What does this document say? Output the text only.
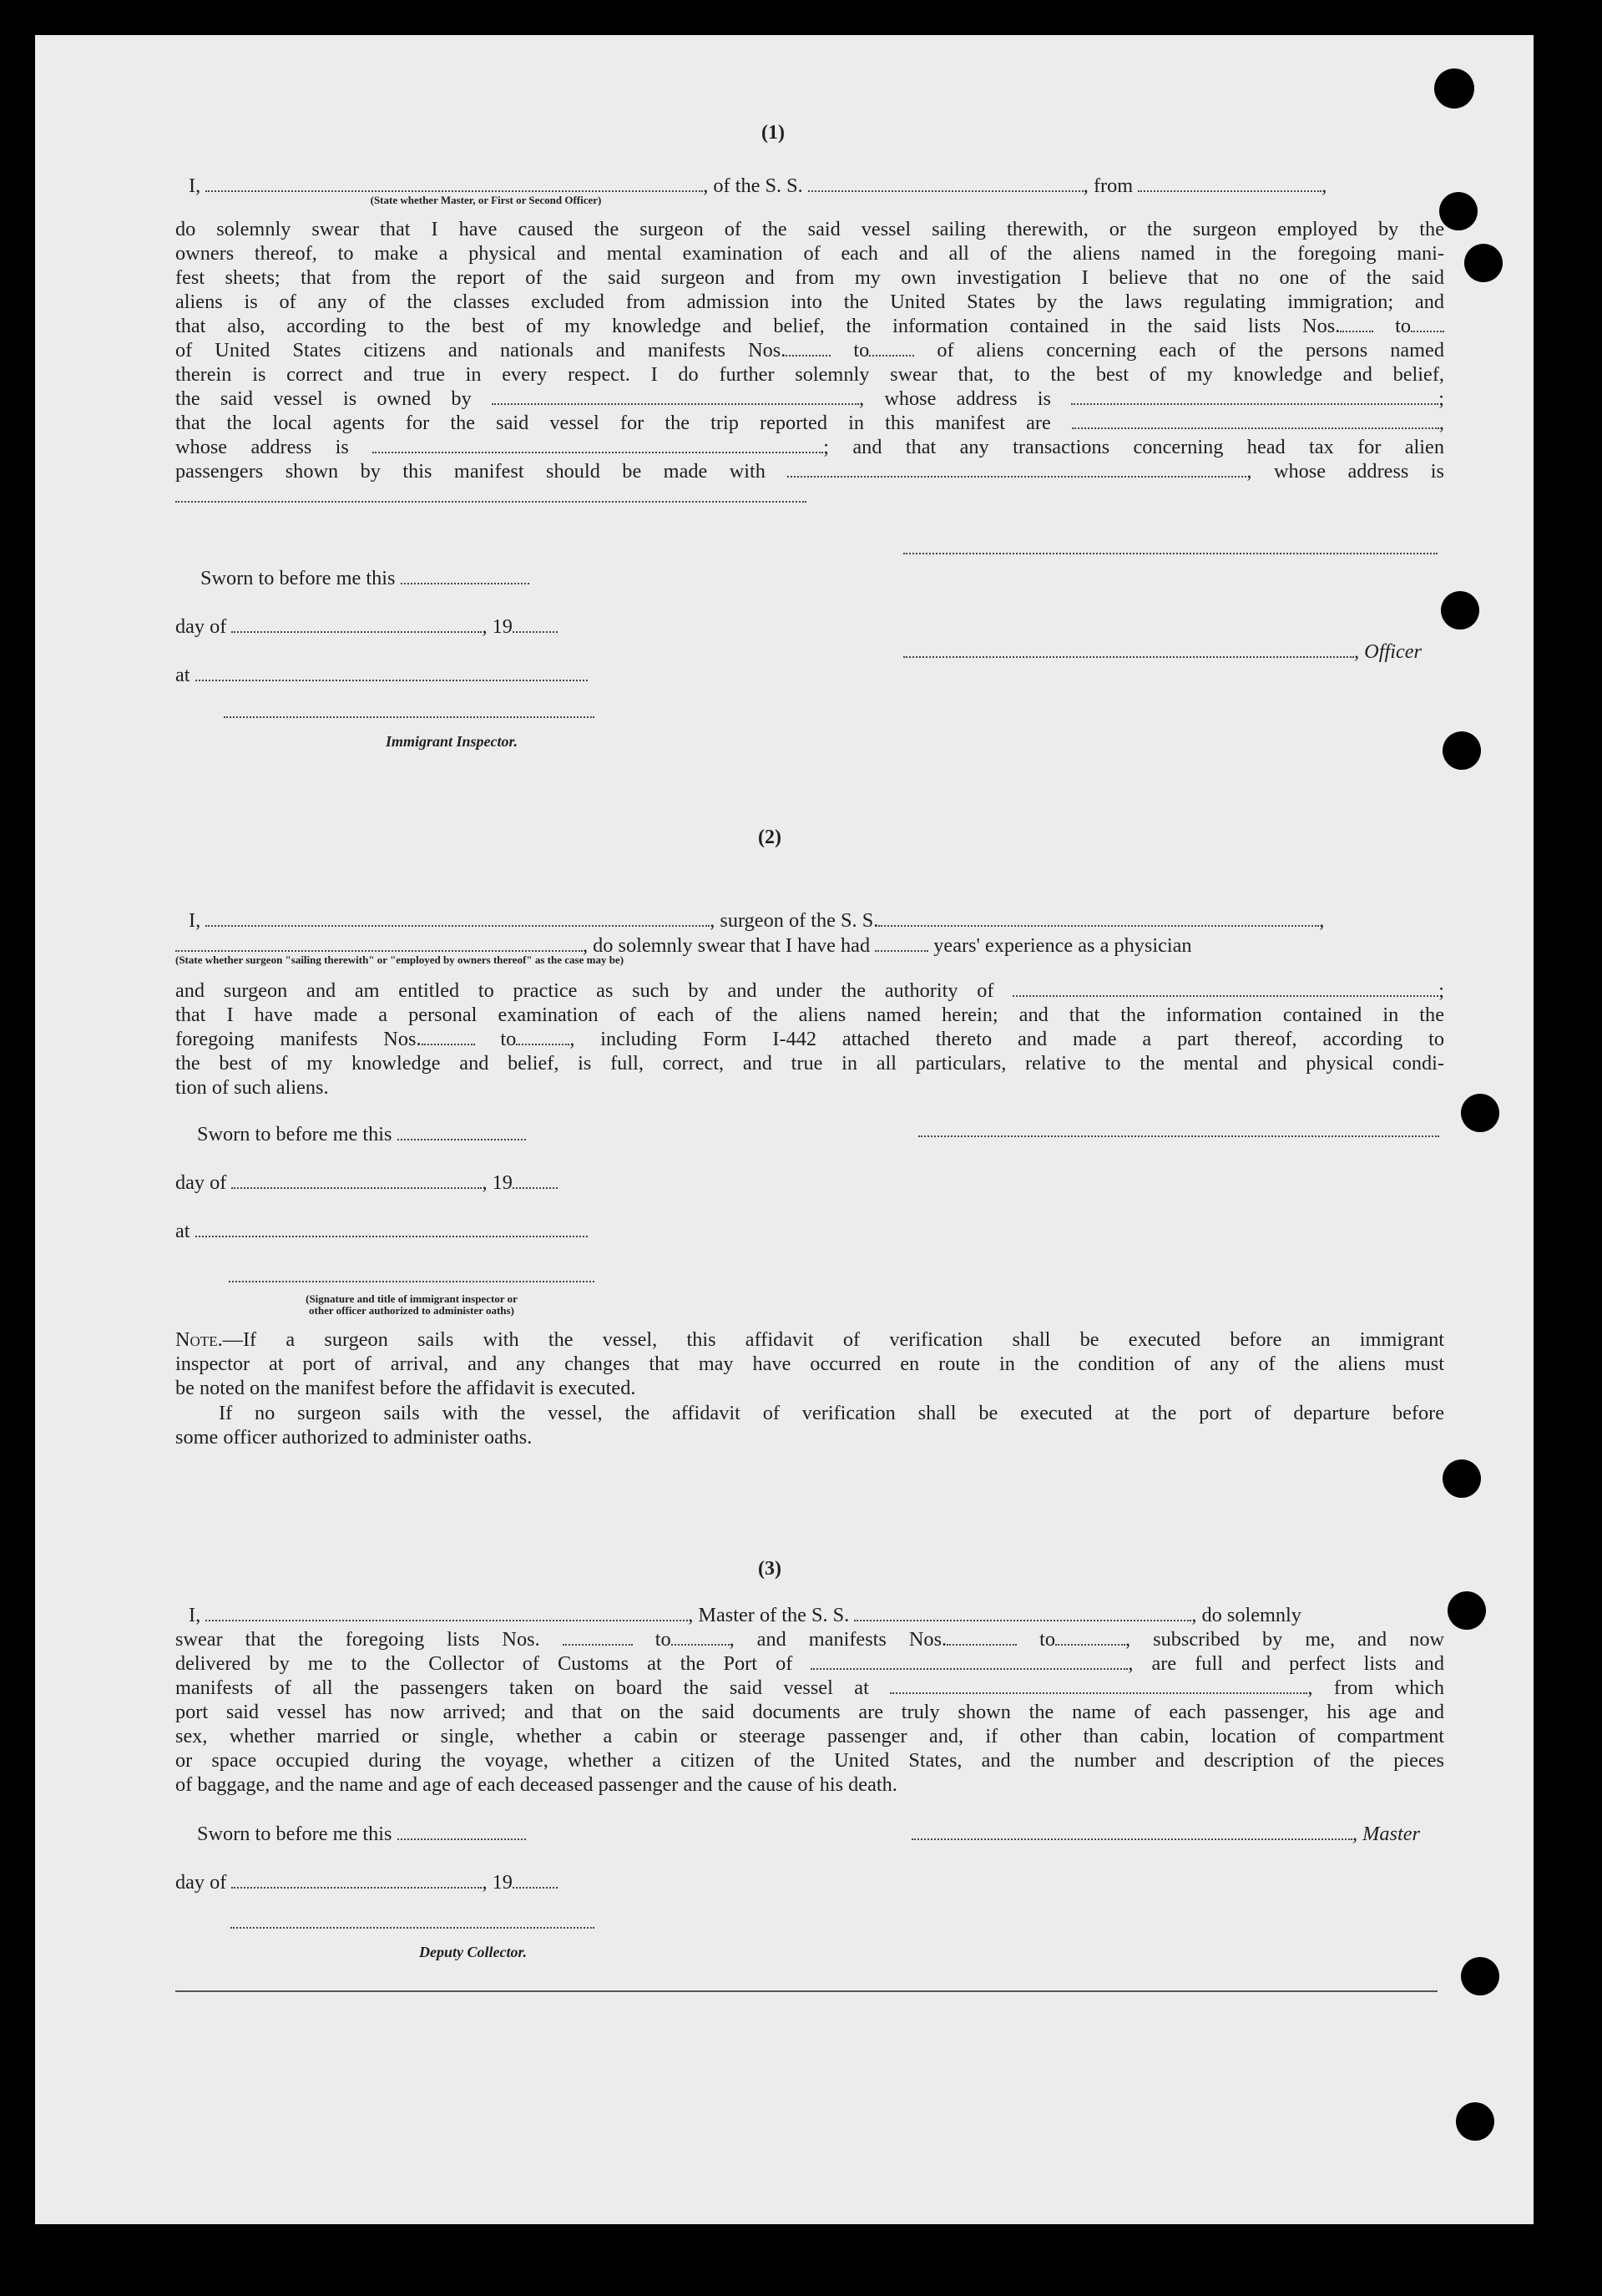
(1)
I,	, of the S. S.	, from	,
(State whether Master, or First or Second Officer)
do solemnly swear that I have caused the surgeon of the said vessel sailing therewith, or the surgeon employed by the
owners thereof, to make a physical and mental examination of each and all of the aliens named in the foregoing mani-
fest sheets; that from the report of the said surgeon and from my own investigation I believe that no one of the said
aliens is of any of the classes excluded from admission into the United States by the laws regulating immigration; and
that also, according to the best of my knowledge and belief, the information contained in the said lists Nos.	to
of United States citizens and nationals and manifests Nos.	to	of aliens concerning each of the persons named
therein is correct and true in every respect. I do further solemnly swear that, to the best of my knowledge and belief,
the said vessel is owned by	, whose address is	;
that the local agents for the said vessel for the trip reported in this manifest are	,
whose address is	; and that any transactions concerning head tax for alien
passengers shown by this manifest should be made with	, whose address is
Sworn to before me this
day of	, 19
, Officer
at
Immigrant Inspector.
(2)
I,	, surgeon of the S. S.	,
, do solemnly swear that I have had	years' experience as a physician
(State whether surgeon "sailing therewith" or "employed by owners thereof" as the case may be)
and surgeon and am entitled to practice as such by and under the authority of	;
that I have made a personal examination of each of the aliens named herein; and that the information contained in the
foregoing manifests Nos.	to	, including Form I-442 attached thereto and made a part thereof, according to
the best of my knowledge and belief, is full, correct, and true in all particulars, relative to the mental and physical condi-
tion of such aliens.
Sworn to before me this
day of	, 19
at
(Signature and title of immigrant inspector or
other officer authorized to administer oaths)
Note.—If a surgeon sails with the vessel, this affidavit of verification shall be executed before an immigrant
inspector at port of arrival, and any changes that may have occurred en route in the condition of any of the aliens must
be noted on the manifest before the affidavit is executed.
If no surgeon sails with the vessel, the affidavit of verification shall be executed at the port of departure before
some officer authorized to administer oaths.
(3)
I,	, Master of the S. S.	, do solemnly
swear that the foregoing lists Nos.	to	, and manifests Nos.	to	, subscribed by me, and now
delivered by me to the Collector of Customs at the Port of	, are full and perfect lists and
manifests of all the passengers taken on board the said vessel at	, from which
port said vessel has now arrived; and that on the said documents are truly shown the name of each passenger, his age and
sex, whether married or single, whether a cabin or steerage passenger and, if other than cabin, location of compartment
or space occupied during the voyage, whether a citizen of the United States, and the number and description of the pieces
of baggage, and the name and age of each deceased passenger and the cause of his death.
Sworn to before me this	, Master
day of	, 19
Deputy Collector.
